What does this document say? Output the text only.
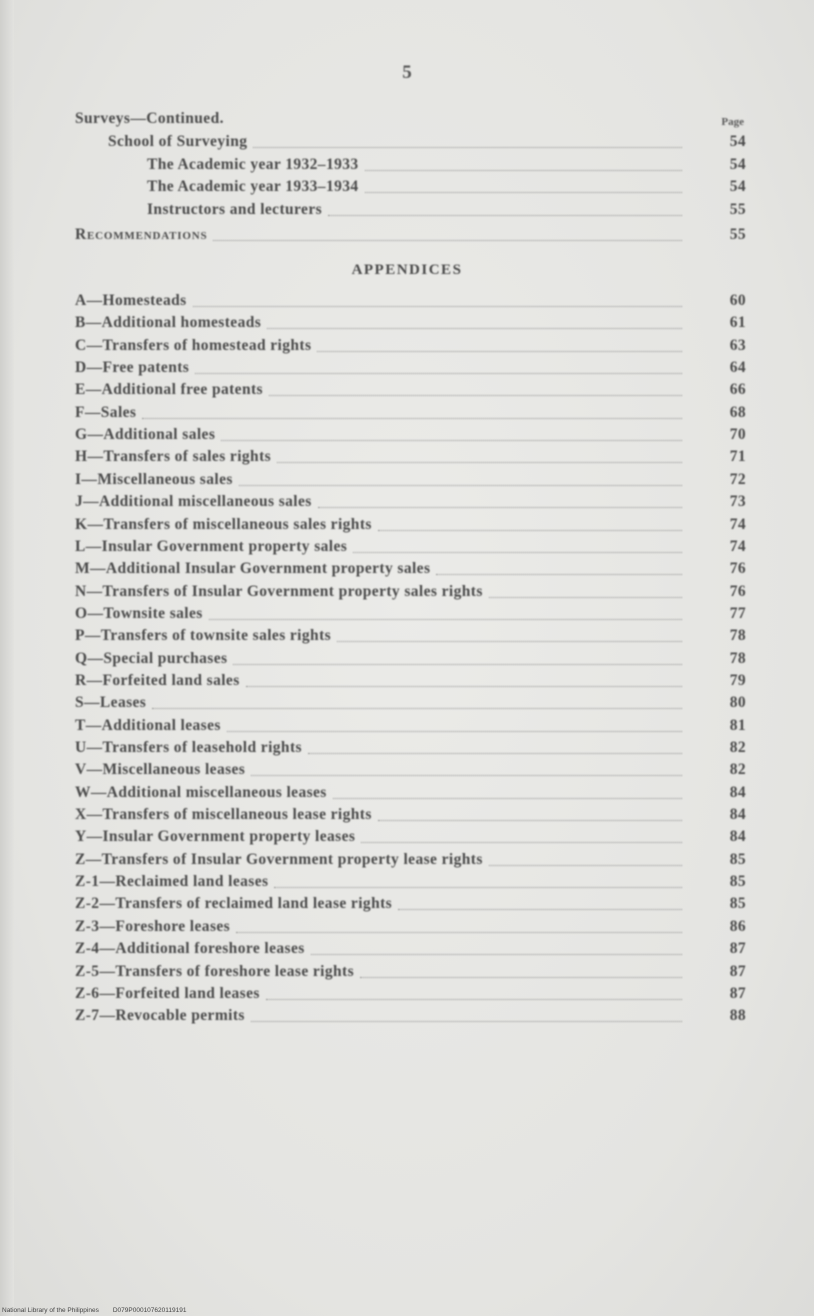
5
Page
Surveys—Continued.
School of Surveying	54
The Academic year 1932–1933	54
The Academic year 1933–1934	54
Instructors and lecturers	55
Recommendations	55
APPENDICES
A—Homesteads	60
B—Additional homesteads	61
C—Transfers of homestead rights	63
D—Free patents	64
E—Additional free patents	66
F—Sales	68
G—Additional sales	70
H—Transfers of sales rights	71
I—Miscellaneous sales	72
J—Additional miscellaneous sales	73
K—Transfers of miscellaneous sales rights	74
L—Insular Government property sales	74
M—Additional Insular Government property sales	76
N—Transfers of Insular Government property sales rights	76
O—Townsite sales	77
P—Transfers of townsite sales rights	78
Q—Special purchases	78
R—Forfeited land sales	79
S—Leases	80
T—Additional leases	81
U—Transfers of leasehold rights	82
V—Miscellaneous leases	82
W—Additional miscellaneous leases	84
X—Transfers of miscellaneous lease rights	84
Y—Insular Government property leases	84
Z—Transfers of Insular Government property lease rights	85
Z-1—Reclaimed land leases	85
Z-2—Transfers of reclaimed land lease rights	85
Z-3—Foreshore leases	86
Z-4—Additional foreshore leases	87
Z-5—Transfers of foreshore lease rights	87
Z-6—Forfeited land leases	87
Z-7—Revocable permits	88
National Library of the Philippines D079P000107620119191
